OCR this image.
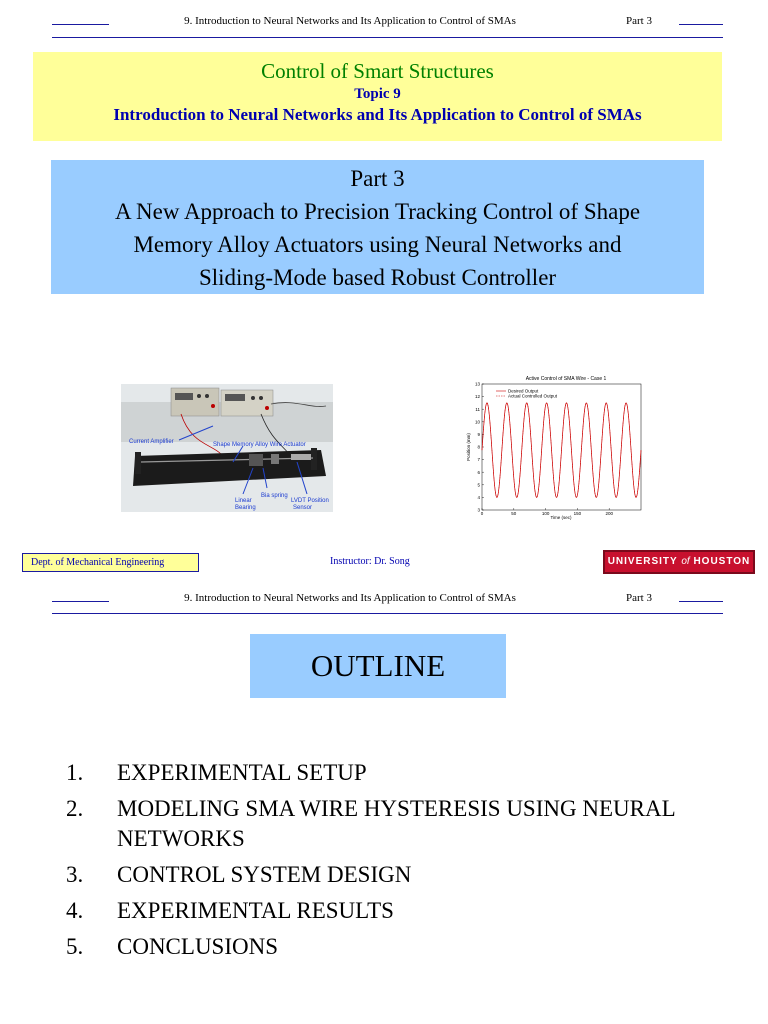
9. Introduction to Neural Networks and Its Application to Control of SMAs	Part 3
Control of Smart Structures
Topic 9
Introduction to Neural Networks and Its Application to Control of SMAs
Part 3
A New Approach to Precision Tracking Control of Shape
Memory Alloy Actuators using Neural Networks and
Sliding-Mode based Robust Controller
Current Amplifier	Shape Memory Alloy Wire Actuator
Bia spring
Linear
Bearing
LVDT Position
Sensor
Active Control of SMA Wire - Case 1
0	50	100	150	200
3
4
5
6
7
8
9
10
11
12
13
Desired Output
Actual Controlled Output
Time (sec)
Position (mm)
Dept. of Mechanical Engineering	Instructor: Dr. Song	UNIVERSITY of HOUSTON
9. Introduction to Neural Networks and Its Application to Control of SMAs	Part 3
OUTLINE
1. EXPERIMENTAL SETUP
2. MODELING SMA WIRE HYSTERESIS USING NEURAL NETWORKS
3. CONTROL SYSTEM DESIGN
4. EXPERIMENTAL RESULTS
5. CONCLUSIONS
